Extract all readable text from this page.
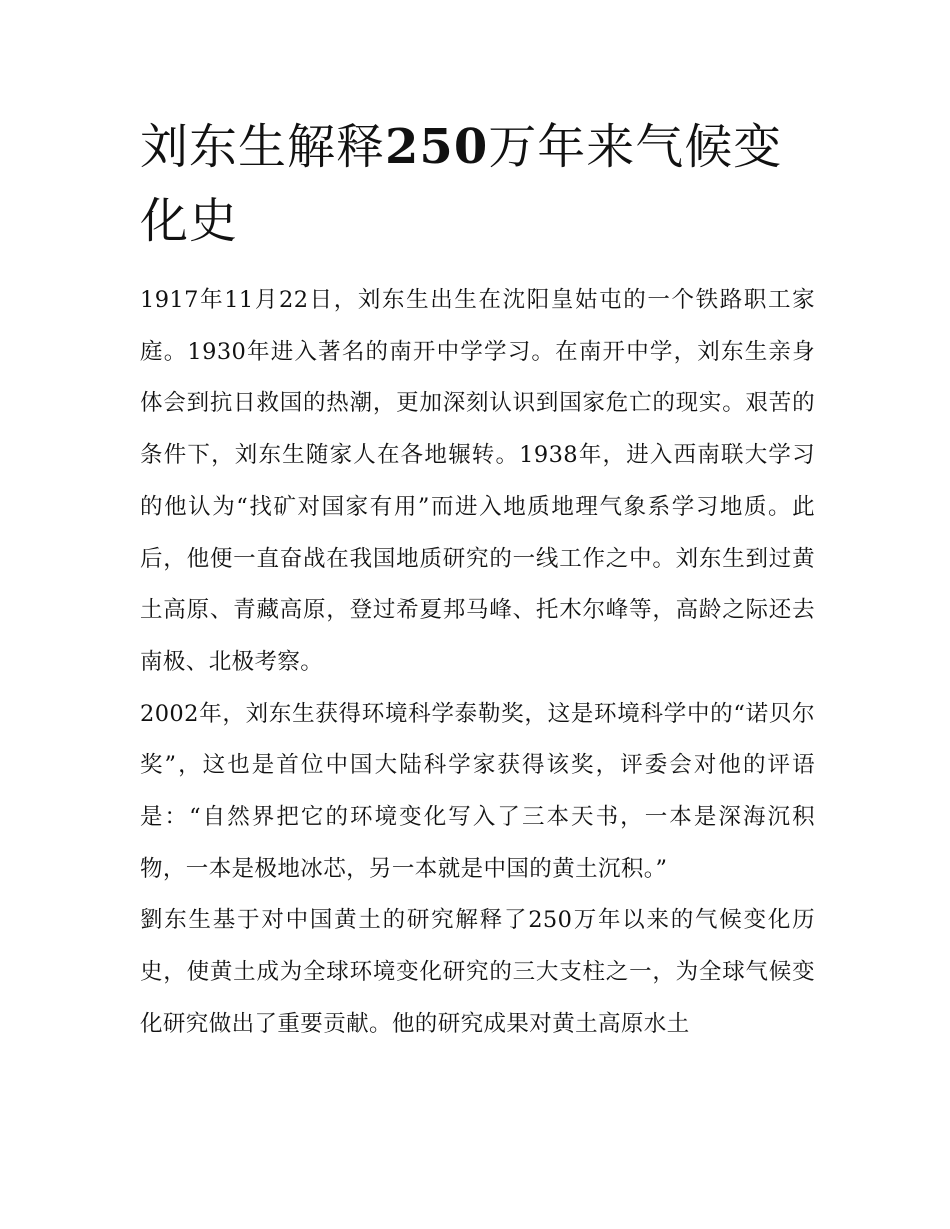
刘东生解释250万年来气候变化史

1917年11月22日，刘东生出生在沈阳皇姑屯的一个铁路职工家庭。1930年进入著名的南开中学学习。在南开中学，刘东生亲身体会到抗日救国的热潮，更加深刻认识到国家危亡的现实。艰苦的条件下，刘东生随家人在各地辗转。1938年，进入西南联大学习的他认为“找矿对国家有用”而进入地质地理气象系学习地质。此后，他便一直奋战在我国地质研究的一线工作之中。刘东生到过黄土高原、青藏高原，登过希夏邦马峰、托木尔峰等，高龄之际还去南极、北极考察。

2002年，刘东生获得环境科学泰勒奖，这是环境科学中的“诺贝尔奖”，这也是首位中国大陆科学家获得该奖，评委会对他的评语是：“自然界把它的环境变化写入了三本天书，一本是深海沉积物，一本是极地冰芯，另一本就是中国的黄土沉积。”

劉东生基于对中国黄土的研究解释了250万年以来的气候变化历史，使黄土成为全球环境变化研究的三大支柱之一，为全球气候变化研究做出了重要贡献。他的研究成果对黄土高原水土
